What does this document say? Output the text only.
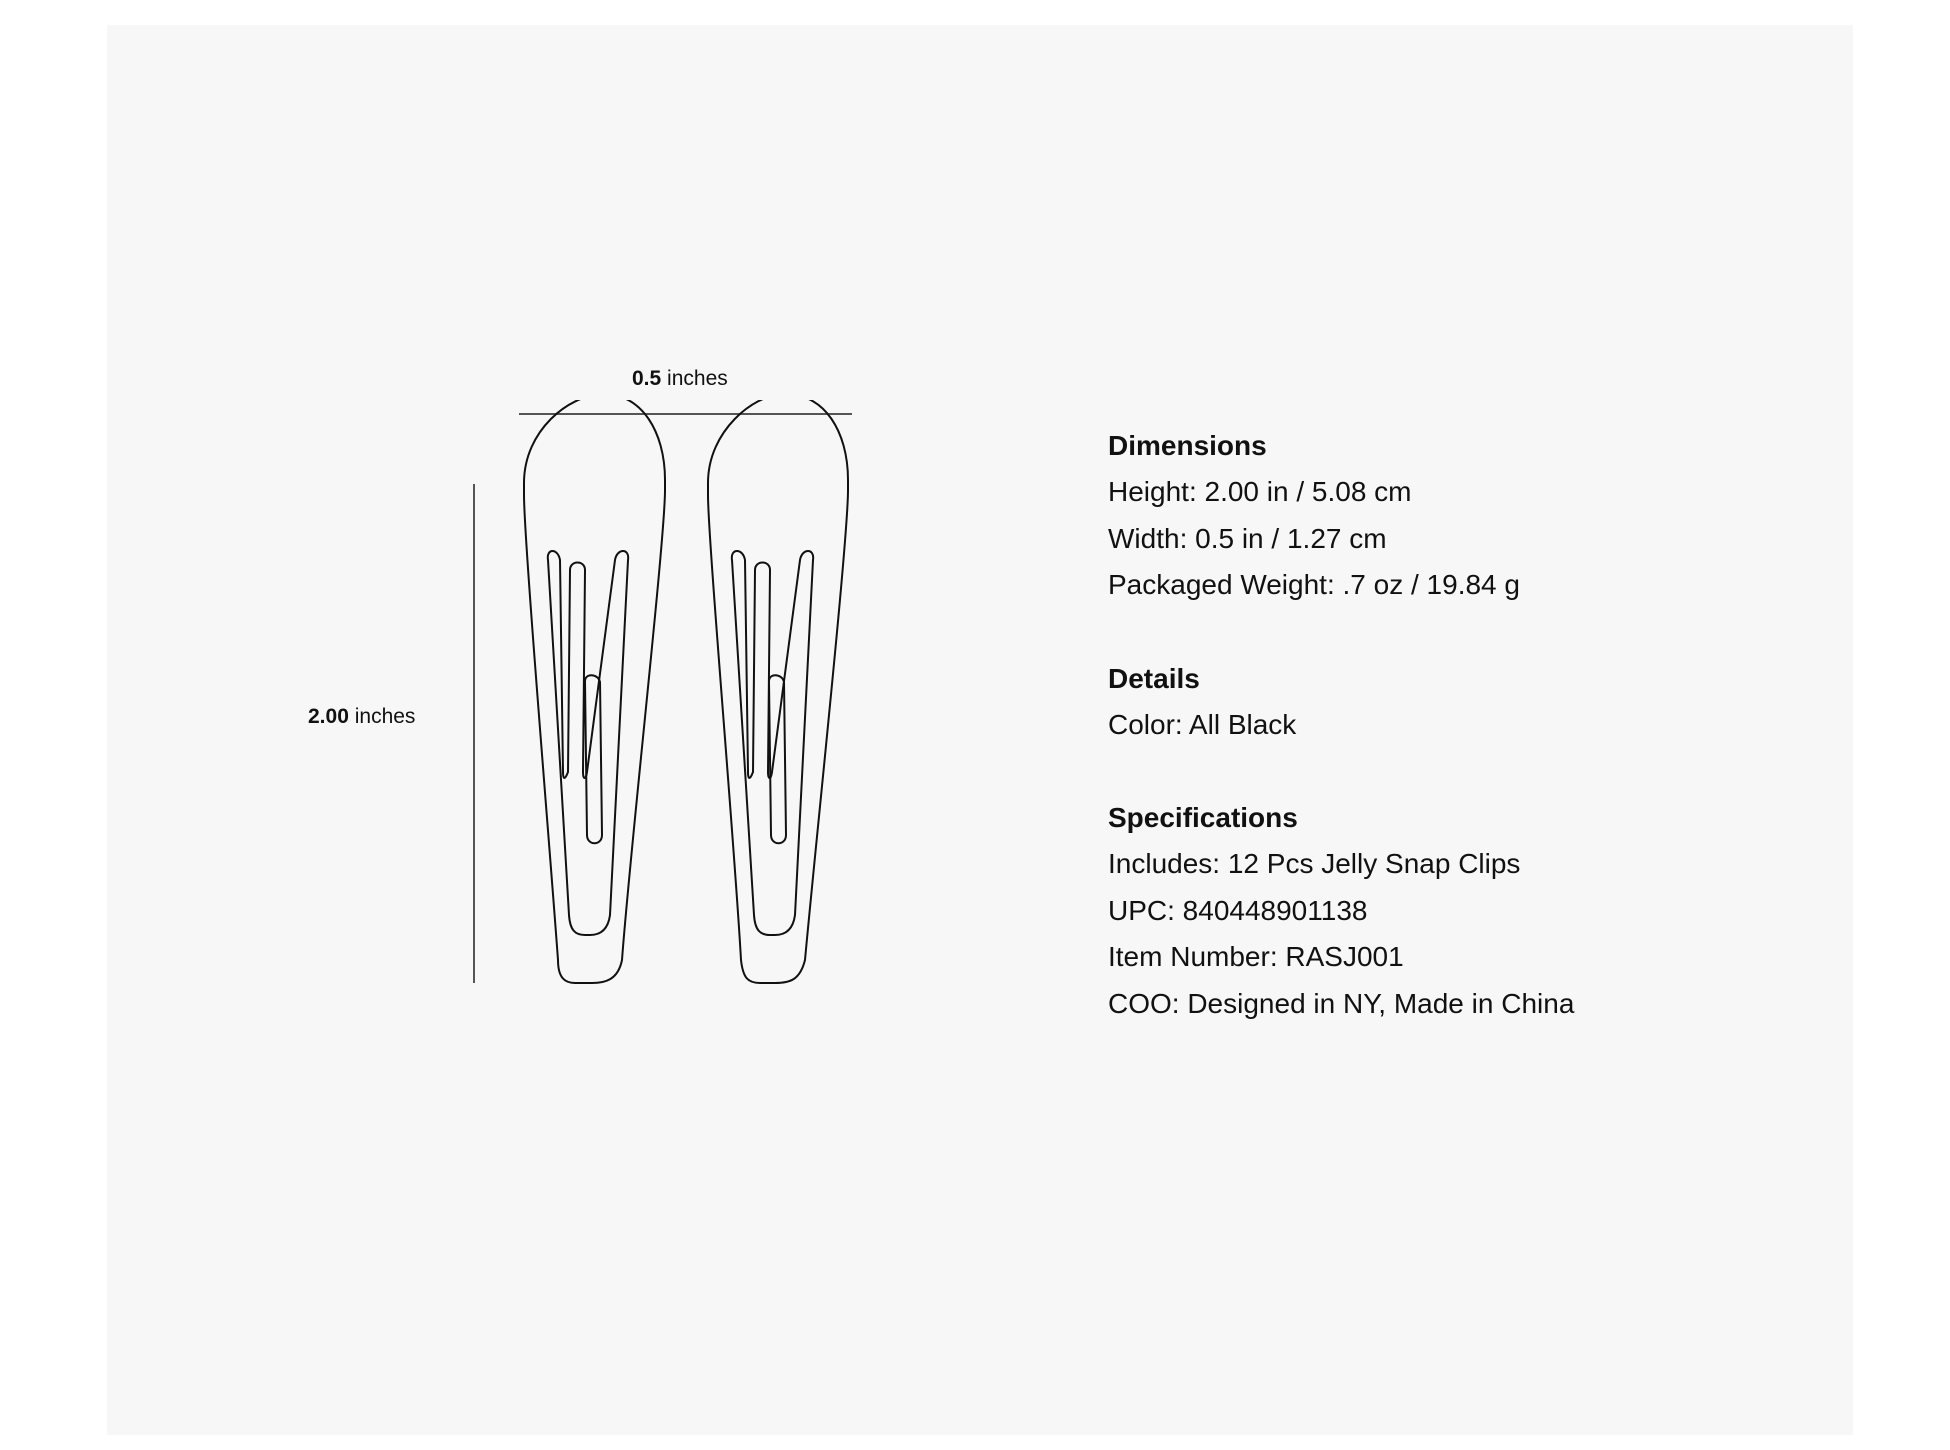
0.5 inches
2.00 inches
Dimensions
Height: 2.00 in / 5.08 cm
Width: 0.5 in / 1.27 cm
Packaged Weight: .7 oz / 19.84 g
Details
Color: All Black
Specifications
Includes: 12 Pcs Jelly Snap Clips
UPC: 840448901138
Item Number: RASJ001
COO: Designed in NY, Made in China
